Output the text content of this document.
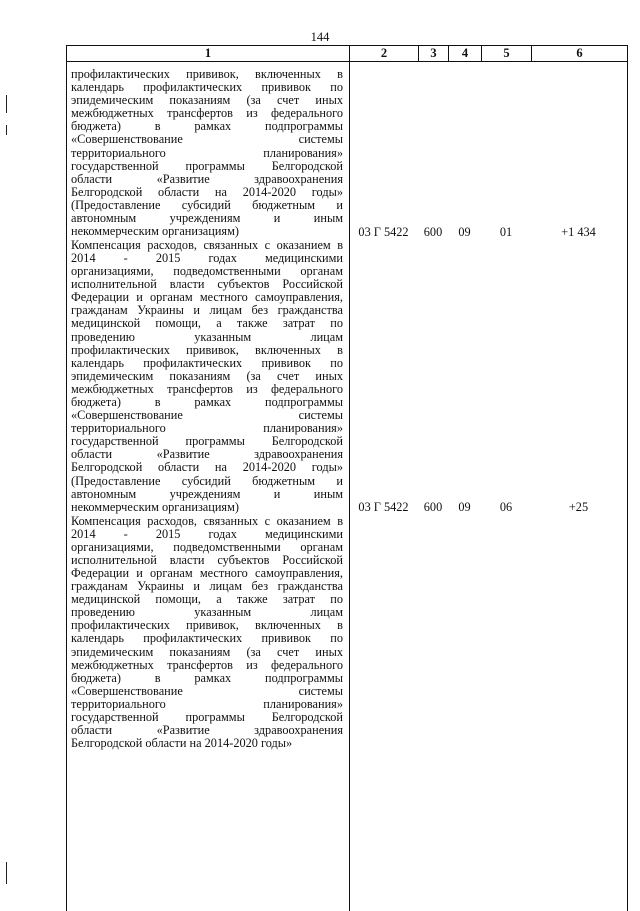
144
1	2	3	4	5	6
профилактических прививок, включенных в
календарь профилактических прививок по
эпидемическим показаниям (за счет иных
межбюджетных трансфертов из федерального
бюджета) в рамках подпрограммы
«Совершенствование системы
территориального планирования»
государственной программы Белгородской
области «Развитие здравоохранения
Белгородской области на 2014-2020 годы»
(Предоставление субсидий бюджетным и
автономным учреждениям и иным
некоммерческим организациям)	03 Г 5422	600	09	01	+1 434
Компенсация расходов, связанных с оказанием в
2014 - 2015 годах медицинскими
организациями, подведомственными органам
исполнительной власти субъектов Российской
Федерации и органам местного самоуправления,
гражданам Украины и лицам без гражданства
медицинской помощи, а также затрат по
проведению указанным лицам
профилактических прививок, включенных в
календарь профилактических прививок по
эпидемическим показаниям (за счет иных
межбюджетных трансфертов из федерального
бюджета) в рамках подпрограммы
«Совершенствование системы
территориального планирования»
государственной программы Белгородской
области «Развитие здравоохранения
Белгородской области на 2014-2020 годы»
(Предоставление субсидий бюджетным и
автономным учреждениям и иным
некоммерческим организациям)	03 Г 5422	600	09	06	+25
Компенсация расходов, связанных с оказанием в
2014 - 2015 годах медицинскими
организациями, подведомственными органам
исполнительной власти субъектов Российской
Федерации и органам местного самоуправления,
гражданам Украины и лицам без гражданства
медицинской помощи, а также затрат по
проведению указанным лицам
профилактических прививок, включенных в
календарь профилактических прививок по
эпидемическим показаниям (за счет иных
межбюджетных трансфертов из федерального
бюджета) в рамках подпрограммы
«Совершенствование системы
территориального планирования»
государственной программы Белгородской
области «Развитие здравоохранения
Белгородской области на 2014-2020 годы»
